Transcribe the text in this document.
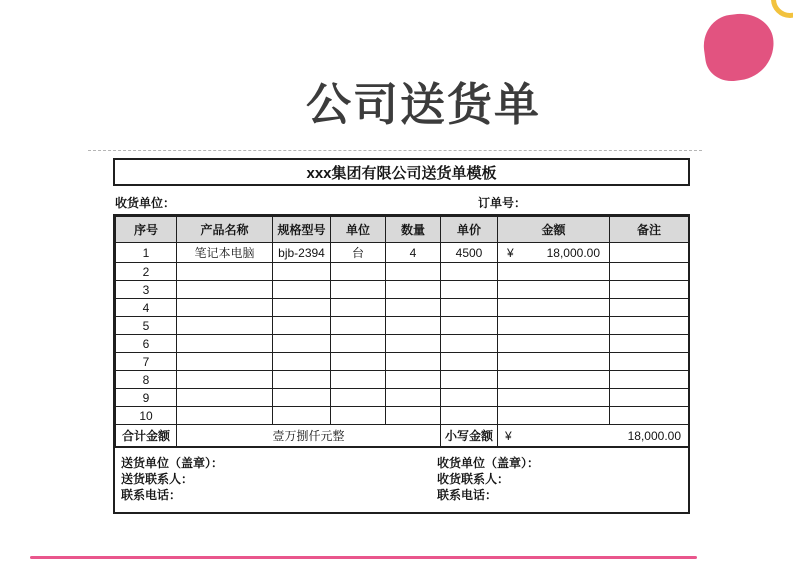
公司送货单
xxx集团有限公司送货单模板
收货单位：	订单号：
序号	产品名称	规格型号	单位	数量	单价	金额	备注
1	笔记本电脑	bjb-2394	台	4	4500	¥ 18,000.00	

2							
3							
4							
5							
6							
7							
8							
9							
10							
合计金额	壹万捌仟元整				小写金额	¥ 18,000.00	
送货单位（盖章）：
送货联系人：
联系电话：
收货单位（盖章）：
收货联系人：
联系电话：
